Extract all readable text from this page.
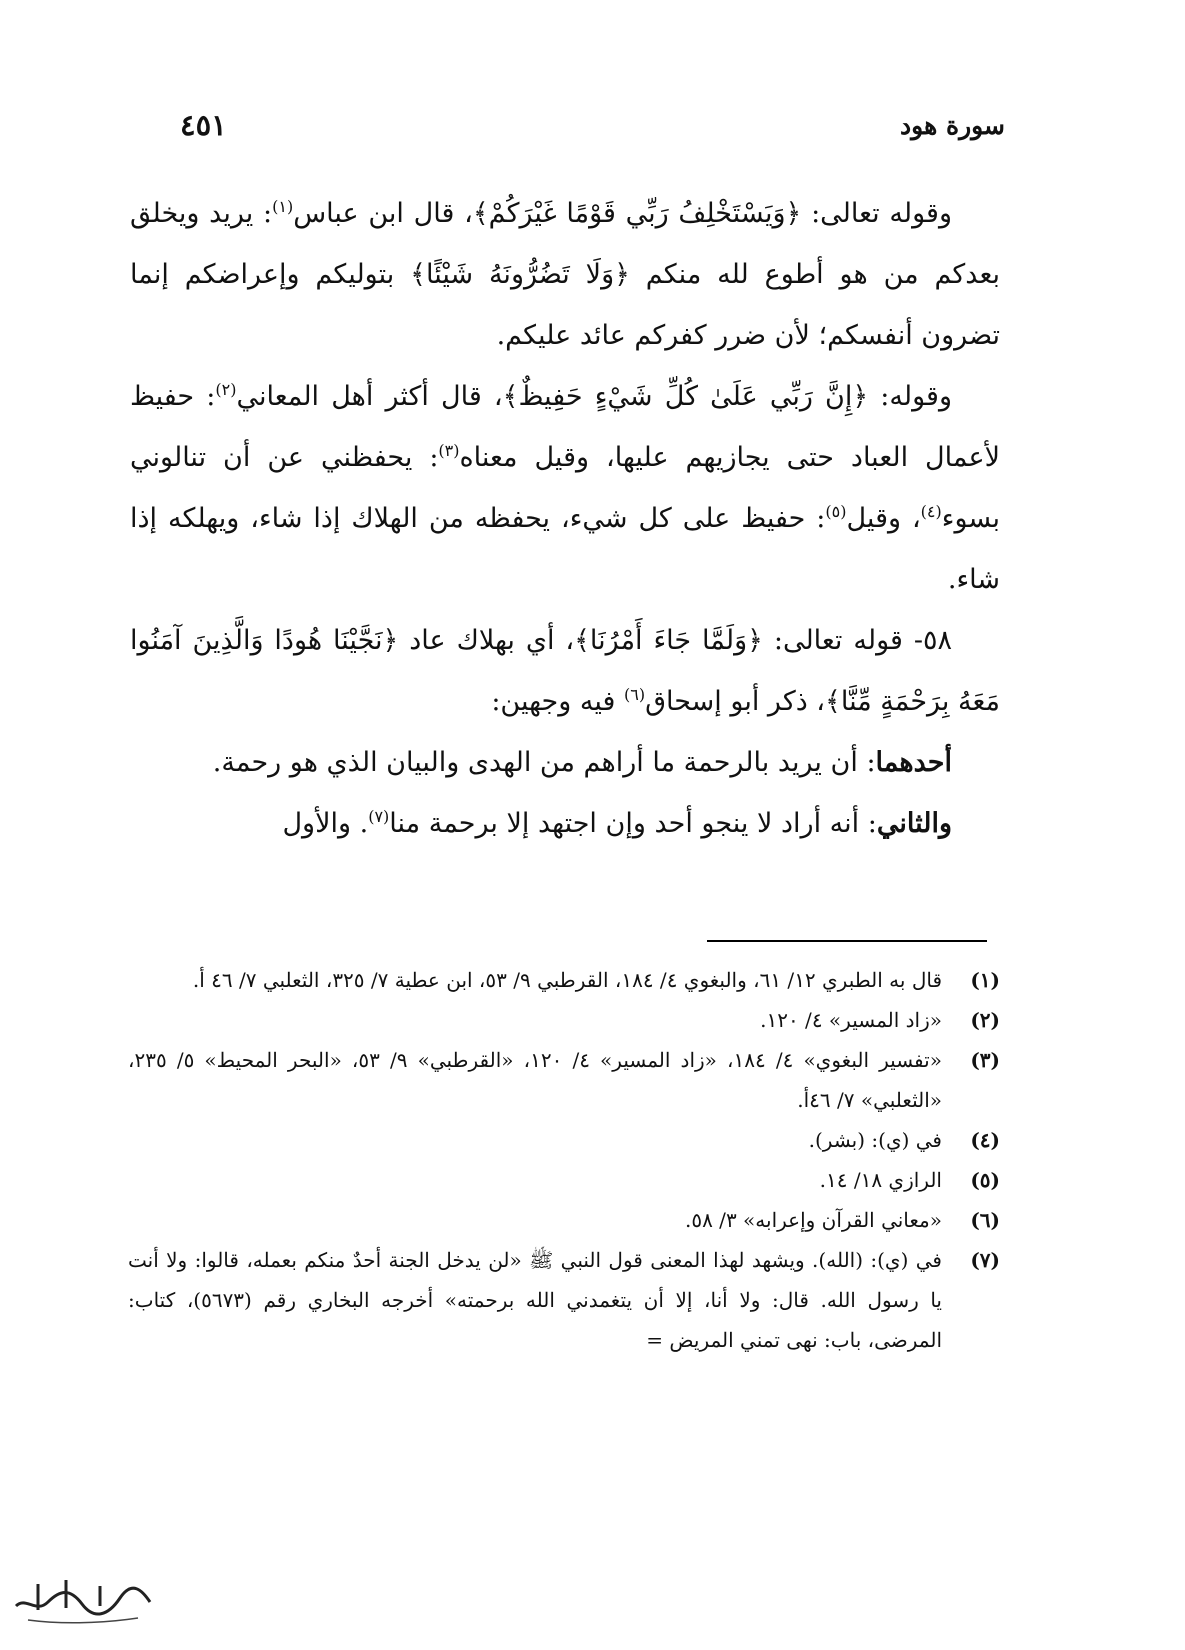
سورة هود
٤٥١

وقوله تعالى: ﴿وَيَسْتَخْلِفُ رَبِّي قَوْمًا غَيْرَكُمْ﴾، قال ابن عباس$^{(١)}$: يريد ويخلق بعدكم من هو أطوع لله منكم ﴿وَلَا تَضُرُّونَهُ شَيْئًا﴾ بتوليكم وإعراضكم إنما تضرون أنفسكم؛ لأن ضرر كفركم عائد عليكم.

وقوله: ﴿إِنَّ رَبِّي عَلَىٰ كُلِّ شَيْءٍ حَفِيظٌ﴾، قال أكثر أهل المعاني$^{(٢)}$: حفيظ لأعمال العباد حتى يجازيهم عليها، وقيل معناه$^{(٣)}$: يحفظني عن أن تنالوني بسوء$^{(٤)}$، وقيل$^{(٥)}$: حفيظ على كل شيء، يحفظه من الهلاك إذا شاء، ويهلكه إذا شاء.

٥٨- قوله تعالى: ﴿وَلَمَّا جَاءَ أَمْرُنَا﴾، أي بهلاك عاد ﴿نَجَّيْنَا هُودًا وَالَّذِينَ آمَنُوا مَعَهُ بِرَحْمَةٍ مِّنَّا﴾، ذكر أبو إسحاق$^{(٦)}$ فيه وجهين:

أحدهما: أن يريد بالرحمة ما أراهم من الهدى والبيان الذي هو رحمة.

والثاني: أنه أراد لا ينجو أحد وإن اجتهد إلا برحمة منا$^{(٧)}$. والأول

(١)
قال به الطبري ١٢/ ٦١، والبغوي ٤/ ١٨٤، القرطبي ٩/ ٥٣، ابن عطية ٧/ ٣٢٥، الثعلبي ٧/ ٤٦ أ.
(٢)
«زاد المسير» ٤/ ١٢٠.
(٣)
«تفسير البغوي» ٤/ ١٨٤، «زاد المسير» ٤/ ١٢٠، «القرطبي» ٩/ ٥٣، «البحر المحيط» ٥/ ٢٣٥، «الثعلبي» ٧/ ٤٦أ.
(٤)
في (ي): (بشر).
(٥)
الرازي ١٨/ ١٤.
(٦)
«معاني القرآن وإعرابه» ٣/ ٥٨.
(٧)
في (ي): (الله). ويشهد لهذا المعنى قول النبي ﷺ «لن يدخل الجنة أحدٌ منكم بعمله، قالوا: ولا أنت يا رسول الله. قال: ولا أنا، إلا أن يتغمدني الله برحمته» أخرجه البخاري رقم (٥٦٧٣)، كتاب: المرضى، باب: نهى تمني المريض =
